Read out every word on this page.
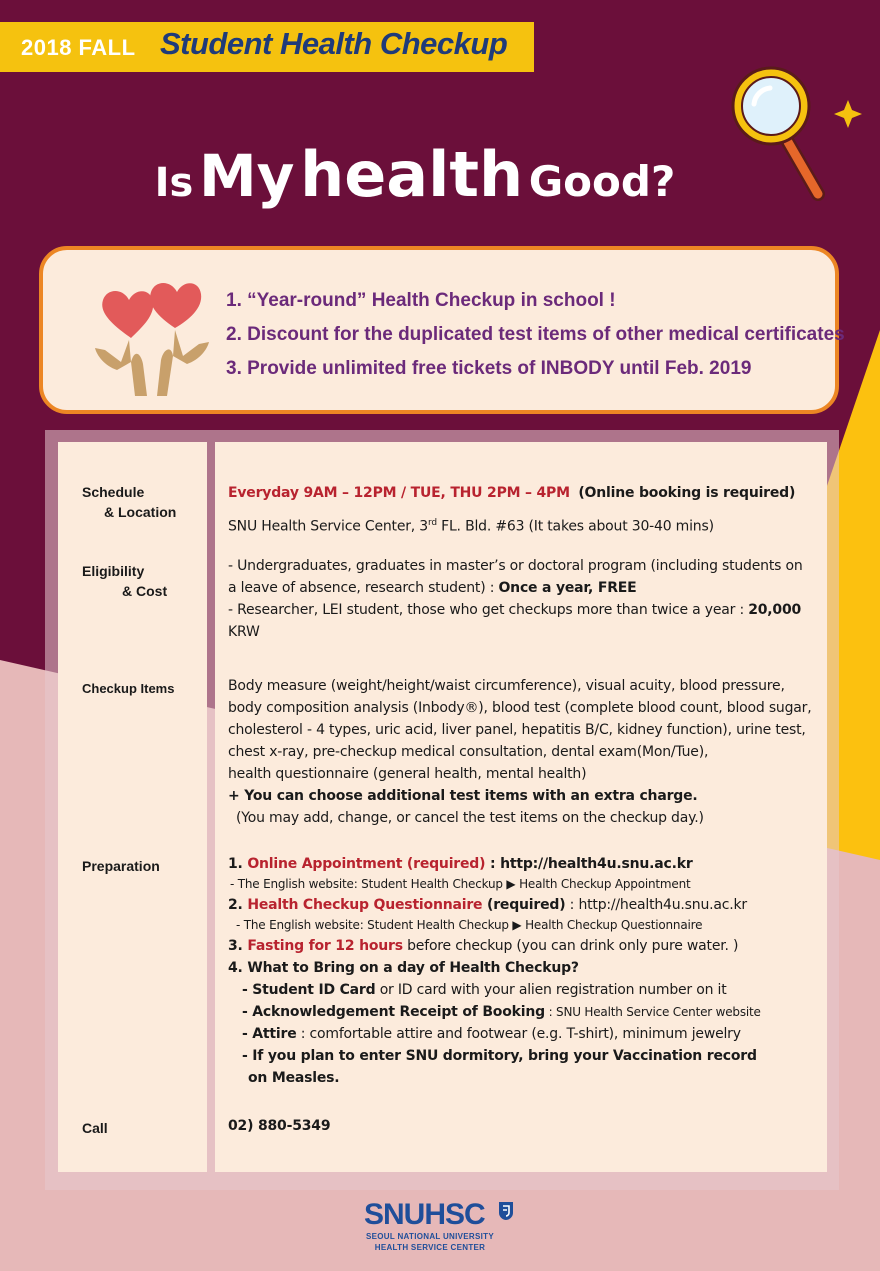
2018 FALL Student Health Checkup
Is My health Good?
1. “Year-round” Health Checkup in school !
2. Discount for the duplicated test items of other medical certificates
3. Provide unlimited free tickets of INBODY until Feb. 2019
Schedule
& Location
Eligibility
& Cost
Checkup Items
Preparation
Call
Everyday 9AM – 12PM / TUE, THU 2PM – 4PM (Online booking is required)
SNU Health Service Center, 3rd FL. Bld. #63 (It takes about 30-40 mins)
- Undergraduates, graduates in master’s or doctoral program (including students on
a leave of absence, research student) : Once a year, FREE
- Researcher, LEI student, those who get checkups more than twice a year : 20,000
KRW
Body measure (weight/height/waist circumference), visual acuity, blood pressure,
body composition analysis (Inbody®), blood test (complete blood count, blood sugar,
cholesterol - 4 types, uric acid, liver panel, hepatitis B/C, kidney function), urine test,
chest x-ray, pre-checkup medical consultation, dental exam(Mon/Tue),
health questionnaire (general health, mental health)
+ You can choose additional test items with an extra charge.
(You may add, change, or cancel the test items on the checkup day.)
1. Online Appointment (required) : http://health4u.snu.ac.kr
- The English website: Student Health Checkup ▶ Health Checkup Appointment
2. Health Checkup Questionnaire (required) : http://health4u.snu.ac.kr
- The English website: Student Health Checkup ▶ Health Checkup Questionnaire
3. Fasting for 12 hours before checkup (you can drink only pure water. )
4. What to Bring on a day of Health Checkup?
- Student ID Card or ID card with your alien registration number on it
- Acknowledgement Receipt of Booking : SNU Health Service Center website
- Attire : comfortable attire and footwear (e.g. T-shirt), minimum jewelry
- If you plan to enter SNU dormitory, bring your Vaccination record
on Measles.
02) 880-5349
SNUHSC
SEOUL NATIONAL UNIVERSITY
HEALTH SERVICE CENTER
